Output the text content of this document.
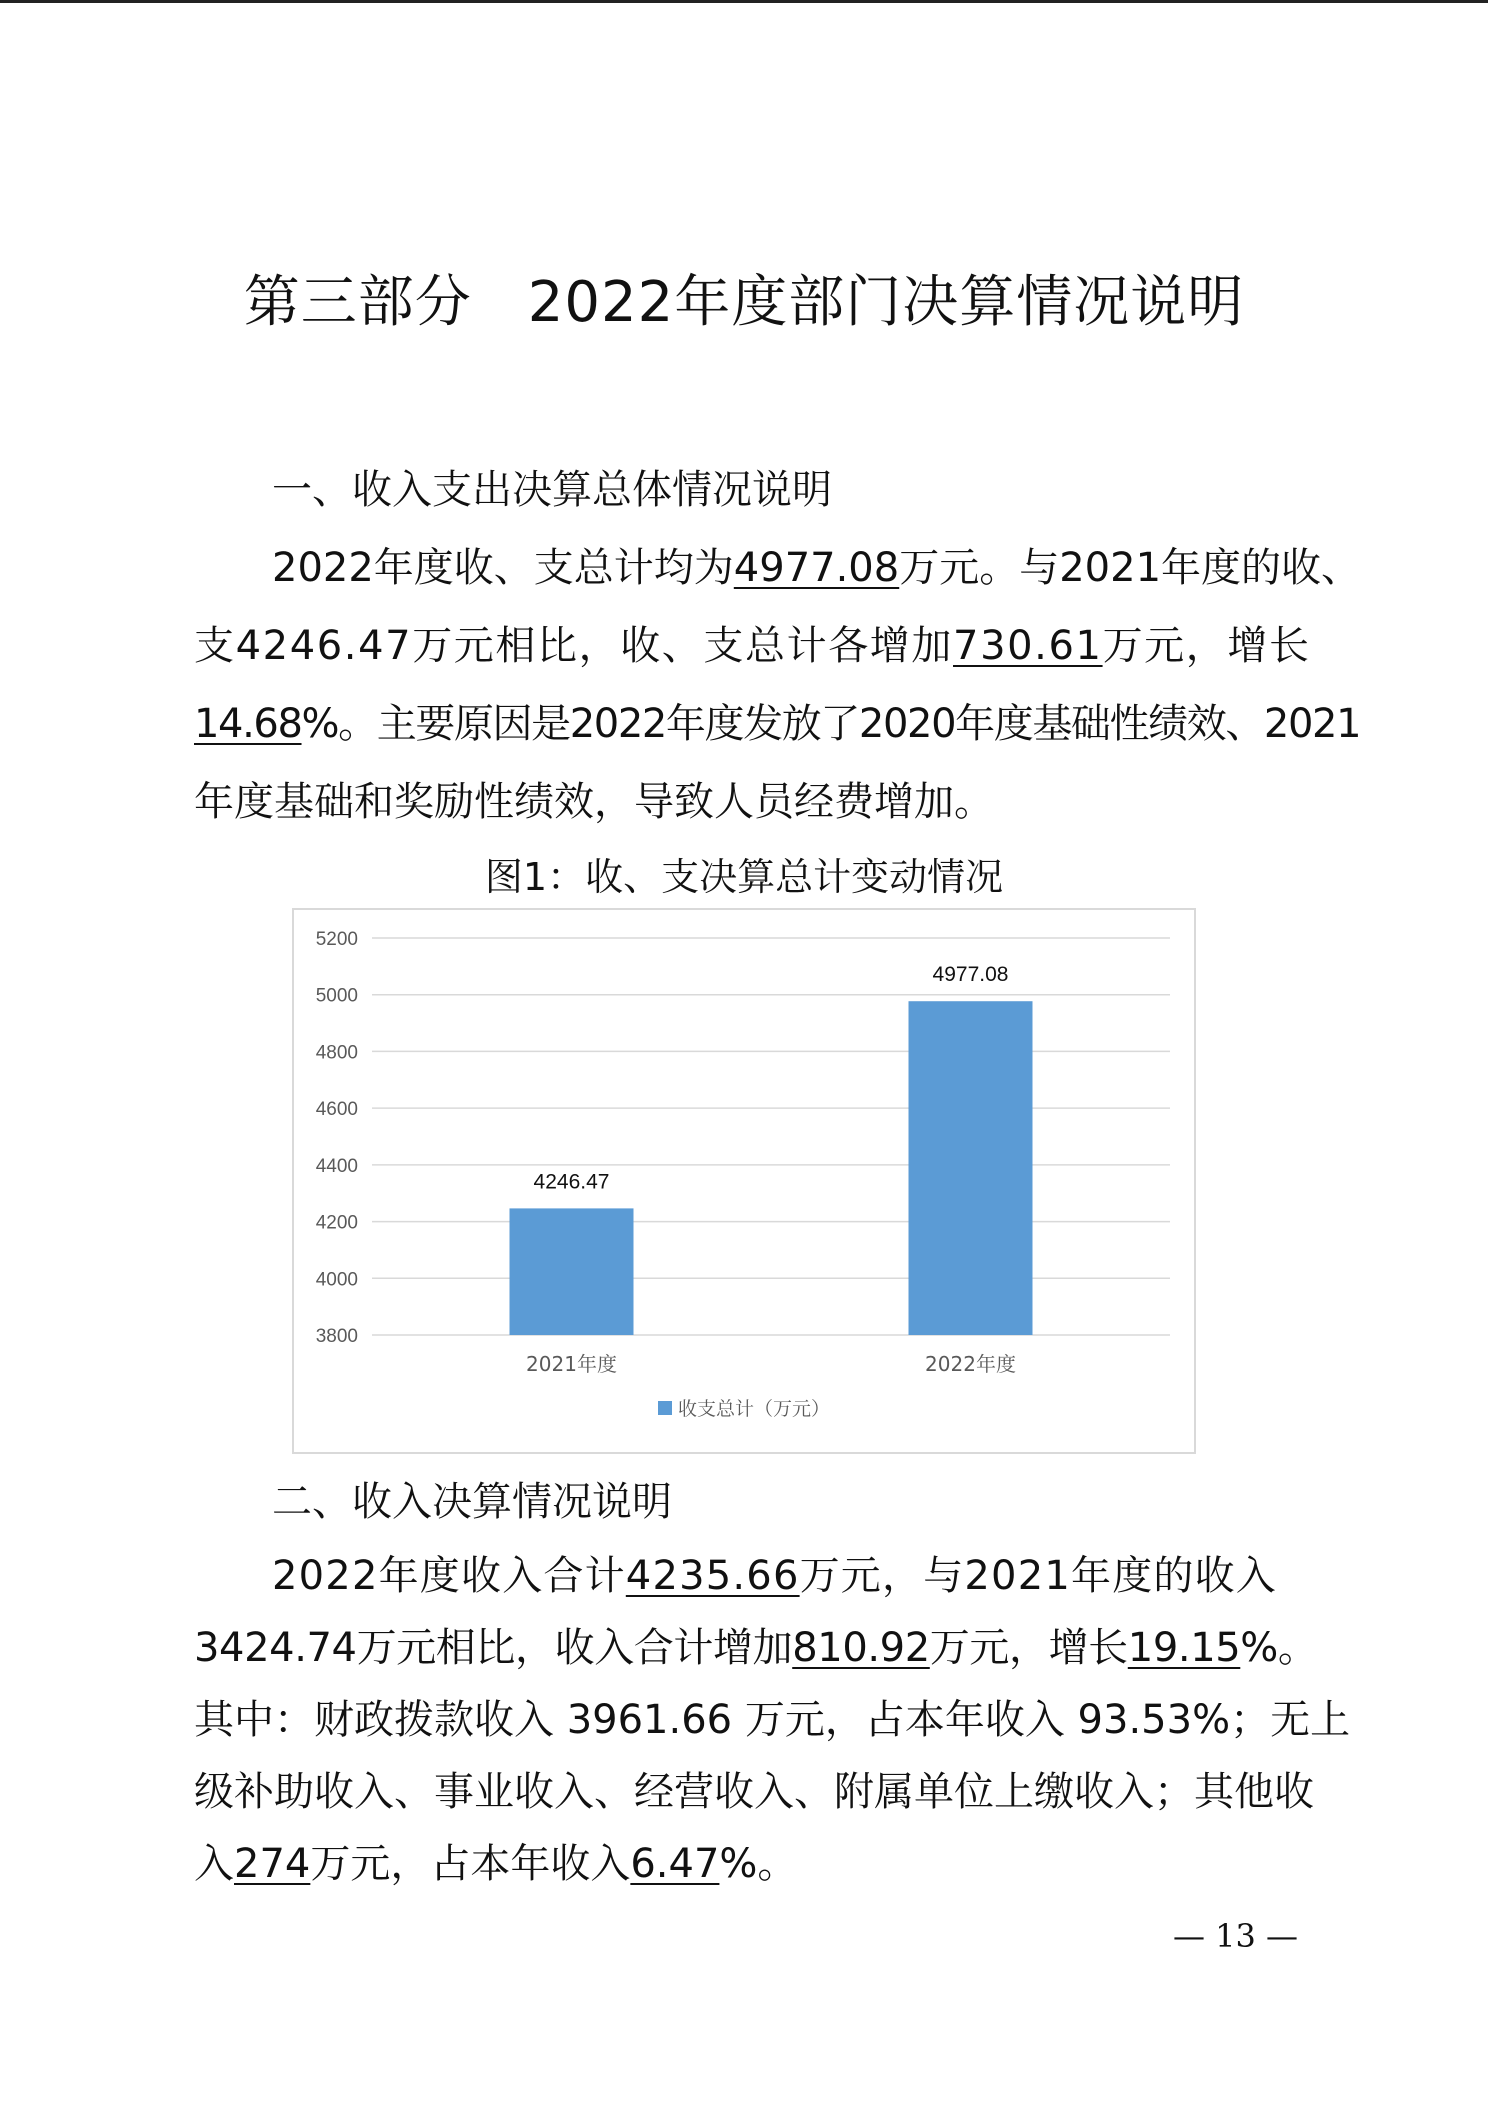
第三部分 2022年度部门决算情况说明
一、收入支出决算总体情况说明
2022年度收、支总计均为4977.08万元。与2021年度的收、
支4246.47万元相比，收、支总计各增加730.61万元，增长
14.68%。主要原因是2022年度发放了2020年度基础性绩效、2021
年度基础和奖励性绩效，导致人员经费增加。
图1：收、支决算总计变动情况
3800
4000
4200
4400
4600
4800
5000
5200
4246.47
2021年度
4977.08
2022年度
收支总计（万元）
二、收入决算情况说明
2022年度收入合计4235.66万元，与2021年度的收入
3424.74万元相比，收入合计增加810.92万元，增长19.15%。
其中：财政拨款收入 3961.66 万元，占本年收入 93.53%；无上
级补助收入、事业收入、经营收入、附属单位上缴收入；其他收
入274万元，占本年收入6.47%。
— 13 —
